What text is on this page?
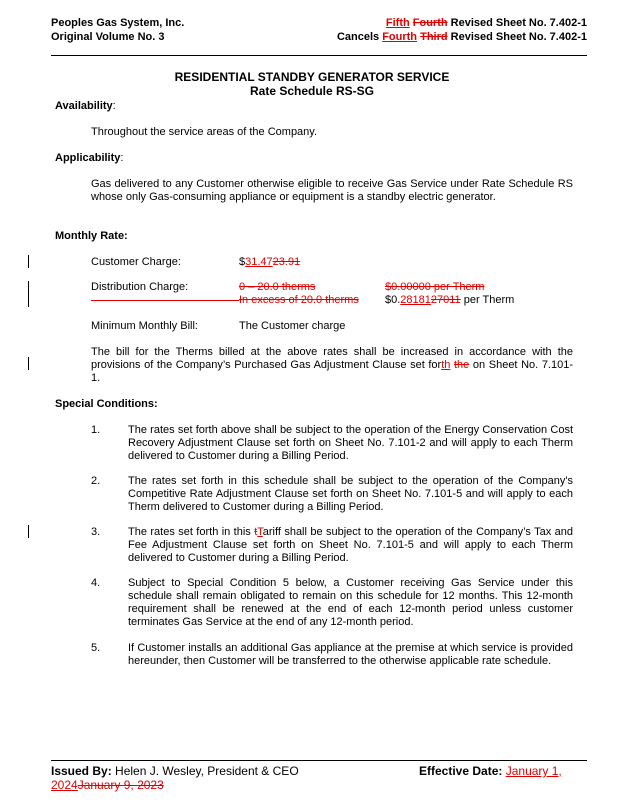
Peoples Gas System, Inc.
Original Volume No. 3
Fifth Fourth Revised Sheet No. 7.402-1
Cancels Fourth Third Revised Sheet No. 7.402-1
RESIDENTIAL STANDBY GENERATOR SERVICE
Rate Schedule RS-SG
Availability:
Throughout the service areas of the Company.
Applicability:
Gas delivered to any Customer otherwise eligible to receive Gas Service under Rate Schedule RS whose only Gas-consuming appliance or equipment is a standby electric generator.
Monthly Rate:
Customer Charge:	$31.4723.91
Distribution Charge:	0 – 20.0 therms	$0.00000 per Therm
In excess of 20.0 therms $0.2818127011 per Therm
Minimum Monthly Bill:	The Customer charge
The bill for the Therms billed at the above rates shall be increased in accordance with the provisions of the Company’s Purchased Gas Adjustment Clause set forth the on Sheet No. 7.101-1.
Special Conditions:
1.	The rates set forth above shall be subject to the operation of the Energy Conservation Cost Recovery Adjustment Clause set forth on Sheet No. 7.101-2 and will apply to each Therm delivered to Customer during a Billing Period.
2.	The rates set forth in this schedule shall be subject to the operation of the Company's Competitive Rate Adjustment Clause set forth on Sheet No. 7.101-5 and will apply to each Therm delivered to Customer during a Billing Period.
3.	The rates set forth in this tTariff shall be subject to the operation of the Company’s Tax and Fee Adjustment Clause set forth on Sheet No. 7.101-5 and will apply to each Therm delivered to Customer during a Billing Period.
4.	Subject to Special Condition 5 below, a Customer receiving Gas Service under this schedule shall remain obligated to remain on this schedule for 12 months. This 12-month requirement shall be renewed at the end of each 12-month period unless customer terminates Gas Service at the end of any 12-month period.
5.	If Customer installs an additional Gas appliance at the premise at which service is provided hereunder, then Customer will be transferred to the otherwise applicable rate schedule.
Issued By: Helen J. Wesley, President & CEO	Effective Date: January 1,
2024January 9, 2023
